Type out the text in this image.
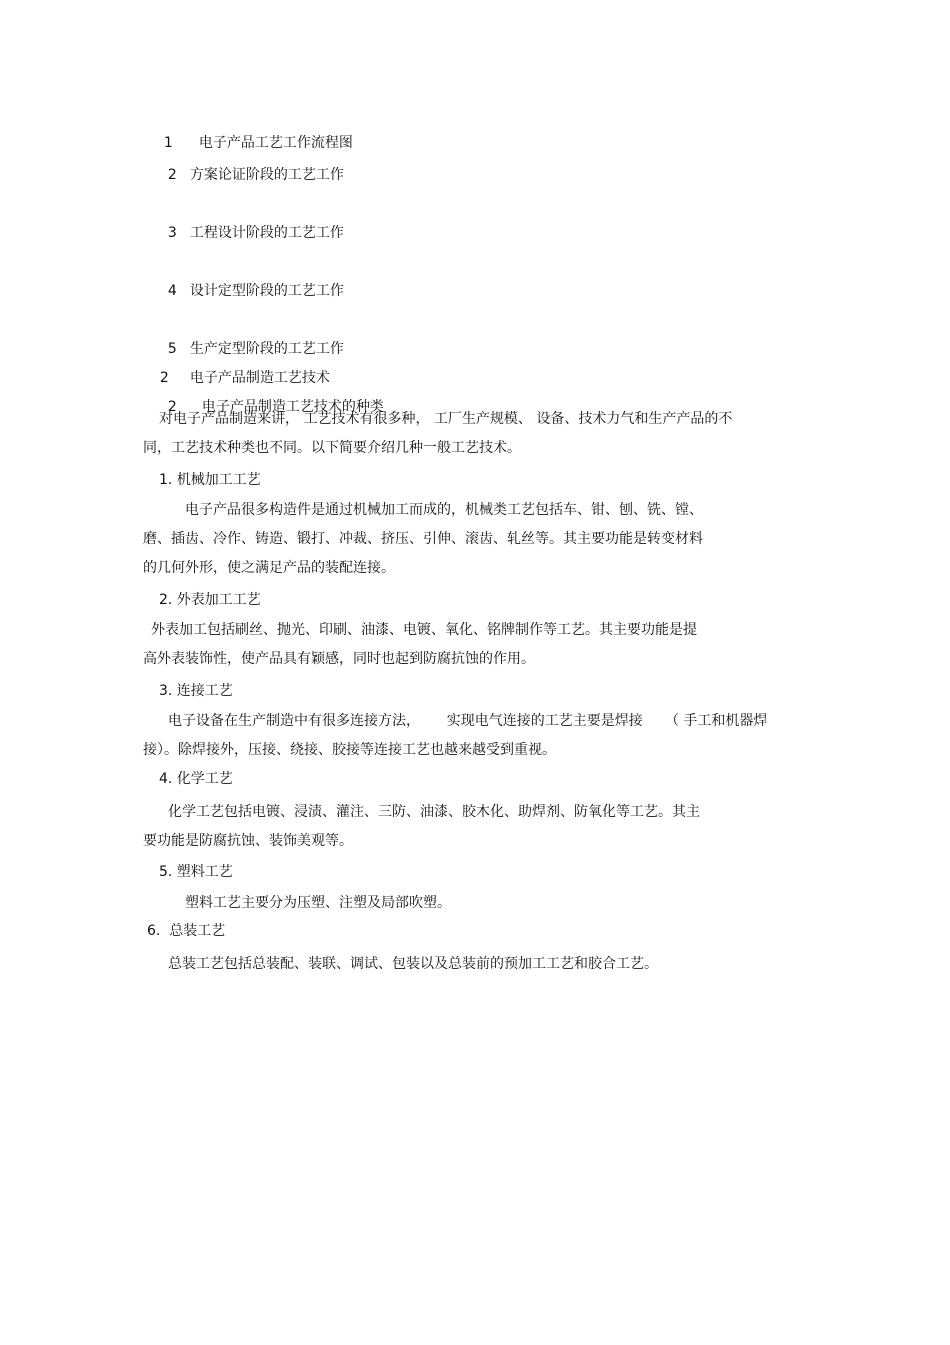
1 电子产品工艺工作流程图

2 方案论证阶段的工艺工作

3 工程设计阶段的工艺工作

4 设计定型阶段的工艺工作

5 生产定型阶段的工艺工作

2 电子产品制造工艺技术

2 电子产品制造工艺技术的种类

对电子产品制造来讲， 工艺技术有很多种， 工厂生产规模、 设备、技术力气和生产产品的不
同，工艺技术种类也不同。以下简要介绍几种一般工艺技术。
1. 机械加工工艺
电子产品很多构造件是通过机械加工而成的，机械类工艺包括车、钳、刨、铣、镗、
磨、插齿、冷作、铸造、锻打、冲裁、挤压、引伸、滚齿、轧丝等。其主要功能是转变材料
的几何外形，使之满足产品的装配连接。
2. 外表加工工艺
外表加工包括刷丝、抛光、印刷、油漆、电镀、氧化、铭牌制作等工艺。其主要功能是提
高外表装饰性，使产品具有颖感，同时也起到防腐抗蚀的作用。
3. 连接工艺
电子设备在生产制造中有很多连接方法，      实现电气连接的工艺主要是焊接     （ 手工和机器焊
接）。除焊接外，压接、绕接、胶接等连接工艺也越来越受到重视。
4. 化学工艺
化学工艺包括电镀、浸渍、灌注、三防、油漆、胶木化、助焊剂、防氧化等工艺。其主
要功能是防腐抗蚀、装饰美观等。
5. 塑料工艺
塑料工艺主要分为压塑、注塑及局部吹塑。
6.  总装工艺
总装工艺包括总装配、装联、调试、包装以及总装前的预加工工艺和胶合工艺。
